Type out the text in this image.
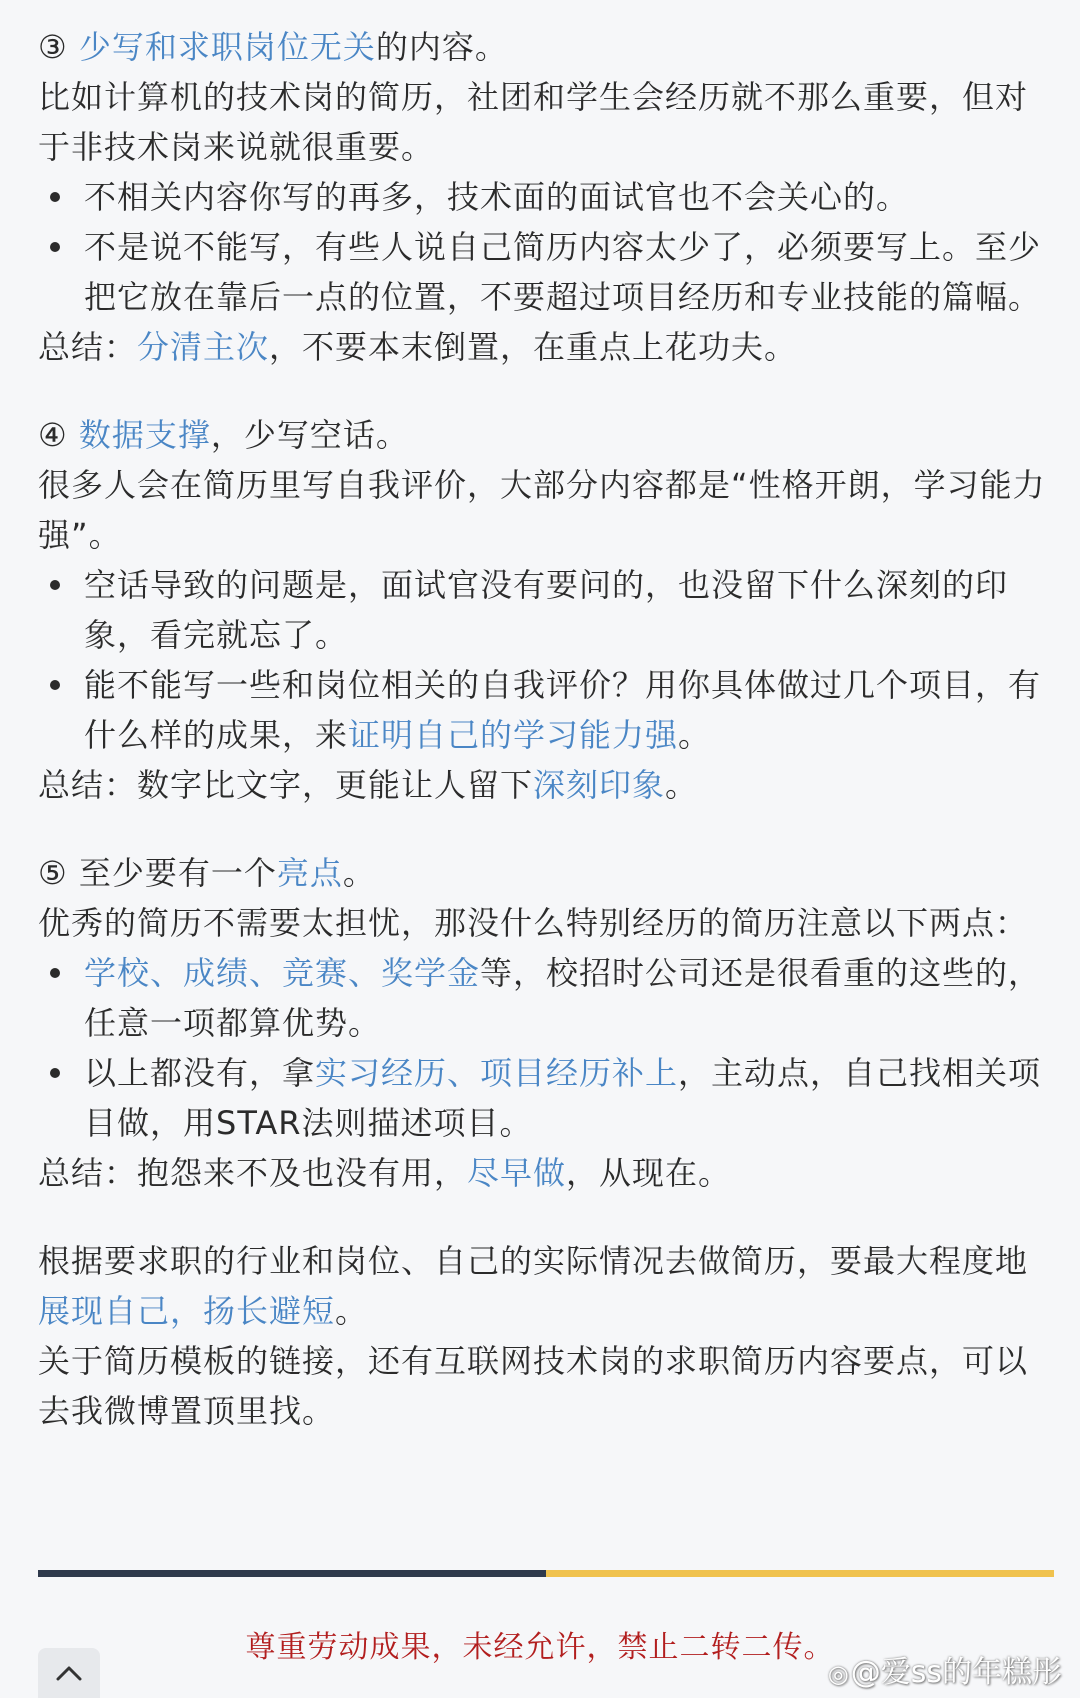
③ 少写和求职岗位无关的内容。

比如计算机的技术岗的简历，社团和学生会经历就不那么重要，但对于非技术岗来说就很重要。

不相关内容你写的再多，技术面的面试官也不会关心的。
不是说不能写，有些人说自己简历内容太少了，必须要写上。至少把它放在靠后一点的位置，不要超过项目经历和专业技能的篇幅。

总结：分清主次，不要本末倒置，在重点上花功夫。

④ 数据支撑，少写空话。

很多人会在简历里写自我评价，大部分内容都是“性格开朗，学习能力强”。

空话导致的问题是，面试官没有要问的，也没留下什么深刻的印象，看完就忘了。
能不能写一些和岗位相关的自我评价？用你具体做过几个项目，有什么样的成果，来证明自己的学习能力强。

总结：数字比文字，更能让人留下深刻印象。

⑤ 至少要有一个亮点。

优秀的简历不需要太担忧，那没什么特别经历的简历注意以下两点：

学校、成绩、竞赛、奖学金等，校招时公司还是很看重的这些的，任意一项都算优势。
以上都没有，拿实习经历、项目经历补上，主动点，自己找相关项目做，用STAR法则描述项目。

总结：抱怨来不及也没有用，尽早做，从现在。

根据要求职的行业和岗位、自己的实际情况去做简历，要最大程度地展现自己，扬长避短。

关于简历模板的链接，还有互联网技术岗的求职简历内容要点，可以去我微博置顶里找。

尊重劳动成果，未经允许，禁止二转二传。
◎@爱ss的年糕彤
